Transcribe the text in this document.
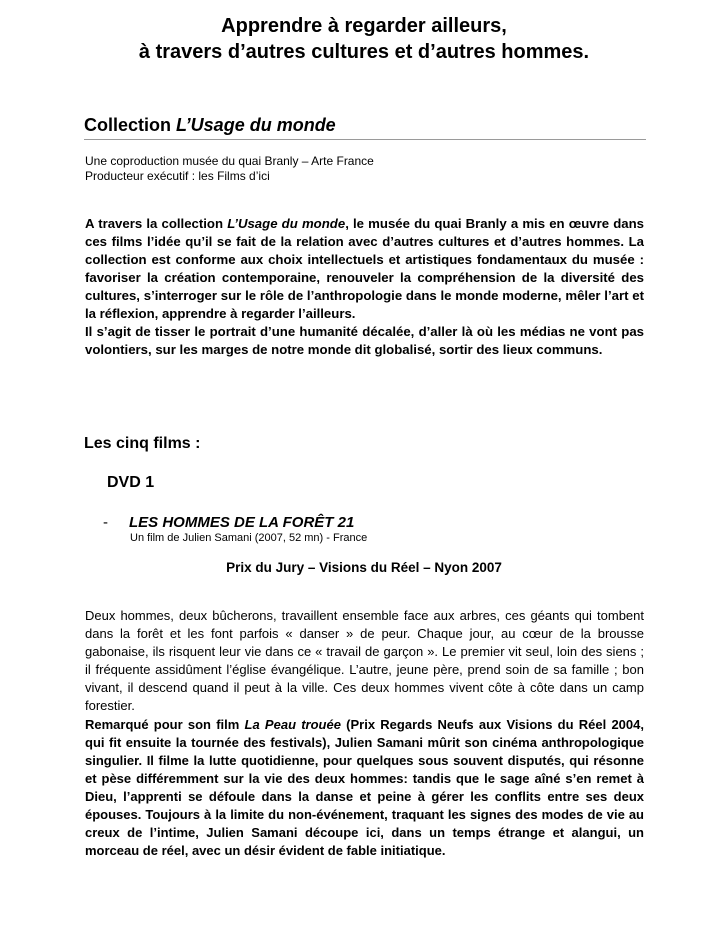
Apprendre à regarder ailleurs,
à travers d’autres cultures et d’autres hommes.
Collection L’Usage du monde
Une coproduction musée du quai Branly – Arte France
Producteur exécutif : les Films d’ici

A travers la collection L’Usage du monde, le musée du quai Branly a mis en œuvre dans ces films l’idée qu’il se fait de la relation avec d’autres cultures et d’autres hommes. La collection est conforme aux choix intellectuels et artistiques fondamentaux du musée : favoriser la création contemporaine, renouveler la compréhension de la diversité des cultures, s’interroger sur le rôle de l’anthropologie dans le monde moderne, mêler l’art et la réflexion, apprendre à regarder l’ailleurs.

Il s’agit de tisser le portrait d’une humanité décalée, d’aller là où les médias ne vont pas volontiers, sur les marges de notre monde dit globalisé, sortir des lieux communs.

Les cinq films :
DVD 1
- LES HOMMES DE LA FORÊT 21
Un film de Julien Samani (2007, 52 mn) - France
Prix du Jury – Visions du Réel – Nyon 2007
Deux hommes, deux bûcherons, travaillent ensemble face aux arbres, ces géants qui tombent dans la forêt et les font parfois « danser » de peur. Chaque jour, au cœur de la brousse gabonaise, ils risquent leur vie dans ce « travail de garçon ». Le premier vit seul, loin des siens ; il fréquente assidûment l’église évangélique. L’autre, jeune père, prend soin de sa famille ; bon vivant, il descend quand il peut à la ville. Ces deux hommes vivent côte à côte dans un camp forestier.
Remarqué pour son film La Peau trouée (Prix Regards Neufs aux Visions du Réel 2004, qui fit ensuite la tournée des festivals), Julien Samani mûrit son cinéma anthropologique singulier. Il filme la lutte quotidienne, pour quelques sous souvent disputés, qui résonne et pèse différemment sur la vie des deux hommes: tandis que le sage aîné s’en remet à Dieu, l’apprenti se défoule dans la danse et peine à gérer les conflits entre ses deux épouses. Toujours à la limite du non-événement, traquant les signes des modes de vie au creux de l’intime, Julien Samani découpe ici, dans un temps étrange et alangui, un morceau de réel, avec un désir évident de fable initiatique.
